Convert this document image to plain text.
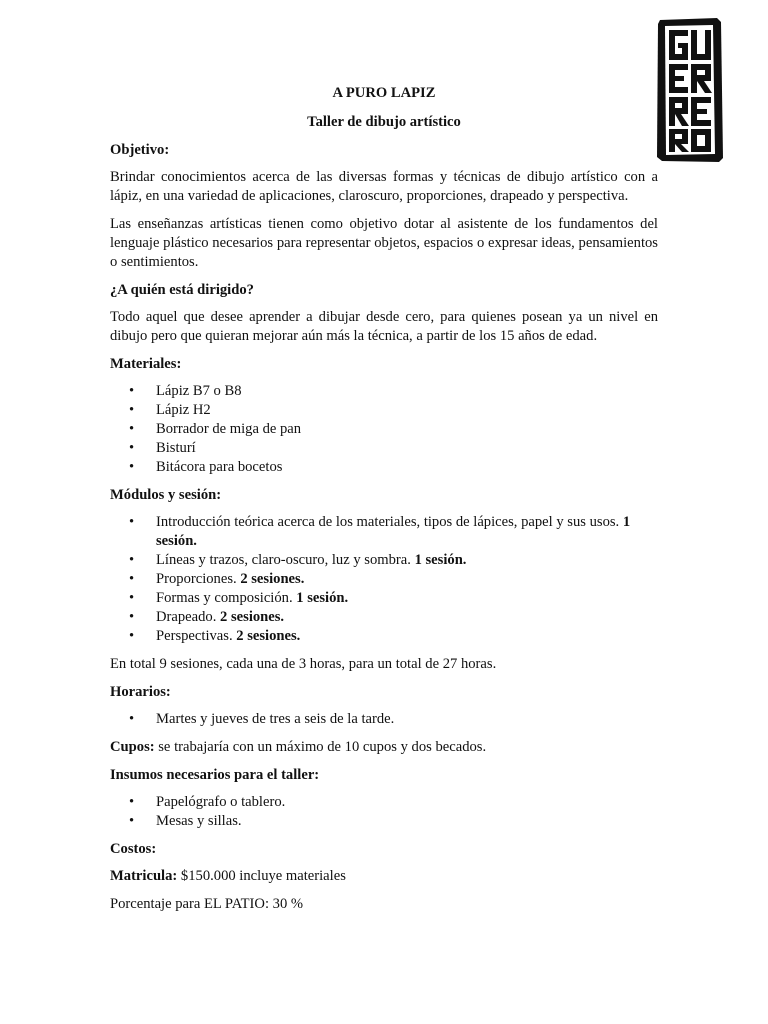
A PURO LAPIZ
Taller de dibujo artístico
Objetivo:

Brindar conocimientos acerca de las diversas formas y técnicas de dibujo artístico con a lápiz, en una variedad de aplicaciones, claroscuro, proporciones, drapeado y perspectiva.

Las enseñanzas artísticas tienen como objetivo dotar al asistente de los fundamentos del lenguaje plástico necesarios para representar objetos, espacios o expresar ideas, pensamientos o sentimientos.

¿A quién está dirigido?

Todo aquel que desee aprender a dibujar desde cero, para quienes posean ya un nivel en dibujo pero que quieran mejorar aún más la técnica, a partir de los 15 años de edad.

Materiales:
• Lápiz B7 o B8
• Lápiz H2
• Borrador de miga de pan
• Bisturí
• Bitácora para bocetos
Módulos y sesión:
• Introducción teórica acerca de los materiales, tipos de lápices, papel y sus usos. 1 sesión.
• Líneas y trazos, claro-oscuro, luz y sombra. 1 sesión.
• Proporciones. 2 sesiones.
• Formas y composición. 1 sesión.
• Drapeado. 2 sesiones.
• Perspectivas. 2 sesiones.

En total 9 sesiones, cada una de 3 horas, para un total de 27 horas.

Horarios:
• Martes y jueves de tres a seis de la tarde.

Cupos: se trabajaría con un máximo de 10 cupos y dos becados.

Insumos necesarios para el taller:
• Papelógrafo o tablero.
• Mesas y sillas.
Costos:

Matricula: $150.000 incluye materiales

Porcentaje para EL PATIO: 30 %
